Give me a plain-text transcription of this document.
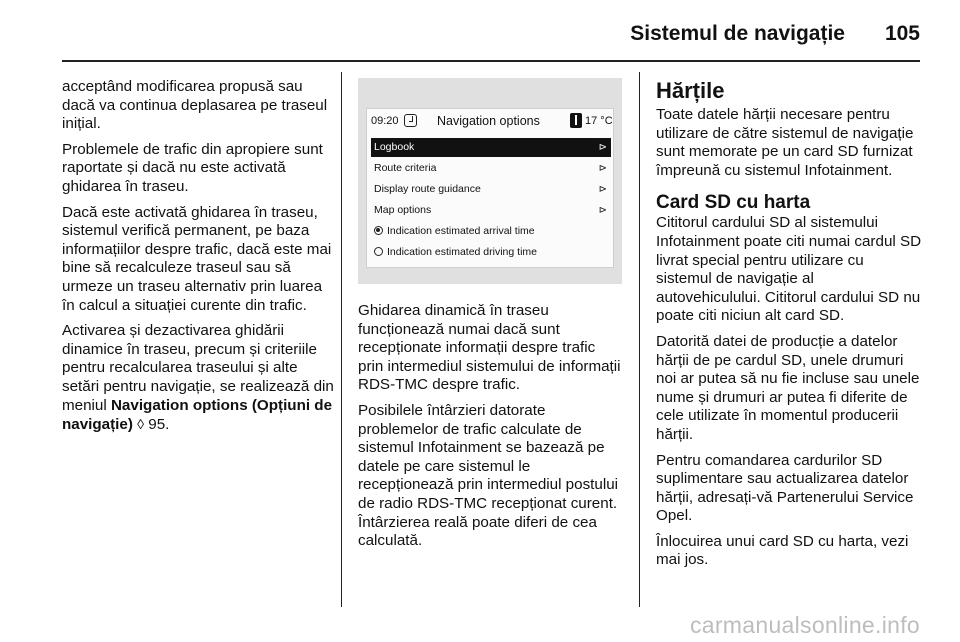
Sistemul de navigație 105

acceptând modificarea propusă sau dacă va continua deplasarea pe traseul inițial.

Problemele de trafic din apropiere sunt raportate și dacă nu este activată ghidarea în traseu.

Dacă este activată ghidarea în traseu, sistemul verifică permanent, pe baza informațiilor despre trafic, dacă este mai bine să recalculeze traseul sau să urmeze un traseu alternativ prin luarea în calcul a situației curente din trafic.

Activarea și dezactivarea ghidării dinamice în traseu, precum și criteriile pentru recalcularea traseului și alte setări pentru navigație, se realizează din meniul Navigation options (Opțiuni de navigație) ◊ 95.

09:20	Navigation options	17 °C
Logbook	⊳
Route criteria	⊳
Display route guidance	⊳
Map options	⊳
Indication estimated arrival time
Indication estimated driving time

Ghidarea dinamică în traseu funcționează numai dacă sunt recepționate informații despre trafic prin intermediul sistemului de informații RDS-TMC despre trafic.

Posibilele întârzieri datorate problemelor de trafic calculate de sistemul Infotainment se bazează pe datele pe care sistemul le recepționează prin intermediul postului de radio RDS-TMC recepționat curent. Întârzierea reală poate diferi de cea calculată.

Hărțile

Toate datele hărții necesare pentru utilizare de către sistemul de navigație sunt memorate pe un card SD furnizat împreună cu sistemul Infotainment.

Card SD cu harta

Cititorul cardului SD al sistemului Infotainment poate citi numai cardul SD livrat special pentru utilizare cu sistemul de navigație al autovehiculului. Cititorul cardului SD nu poate citi niciun alt card SD.

Datorită datei de producție a datelor hărții de pe cardul SD, unele drumuri noi ar putea să nu fie incluse sau unele nume și drumuri ar putea fi diferite de cele utilizate în momentul producerii hărții.

Pentru comandarea cardurilor SD suplimentare sau actualizarea datelor hărții, adresați-vă Partenerului Service Opel.

Înlocuirea unui card SD cu harta, vezi mai jos.

carmanualsonline.info
